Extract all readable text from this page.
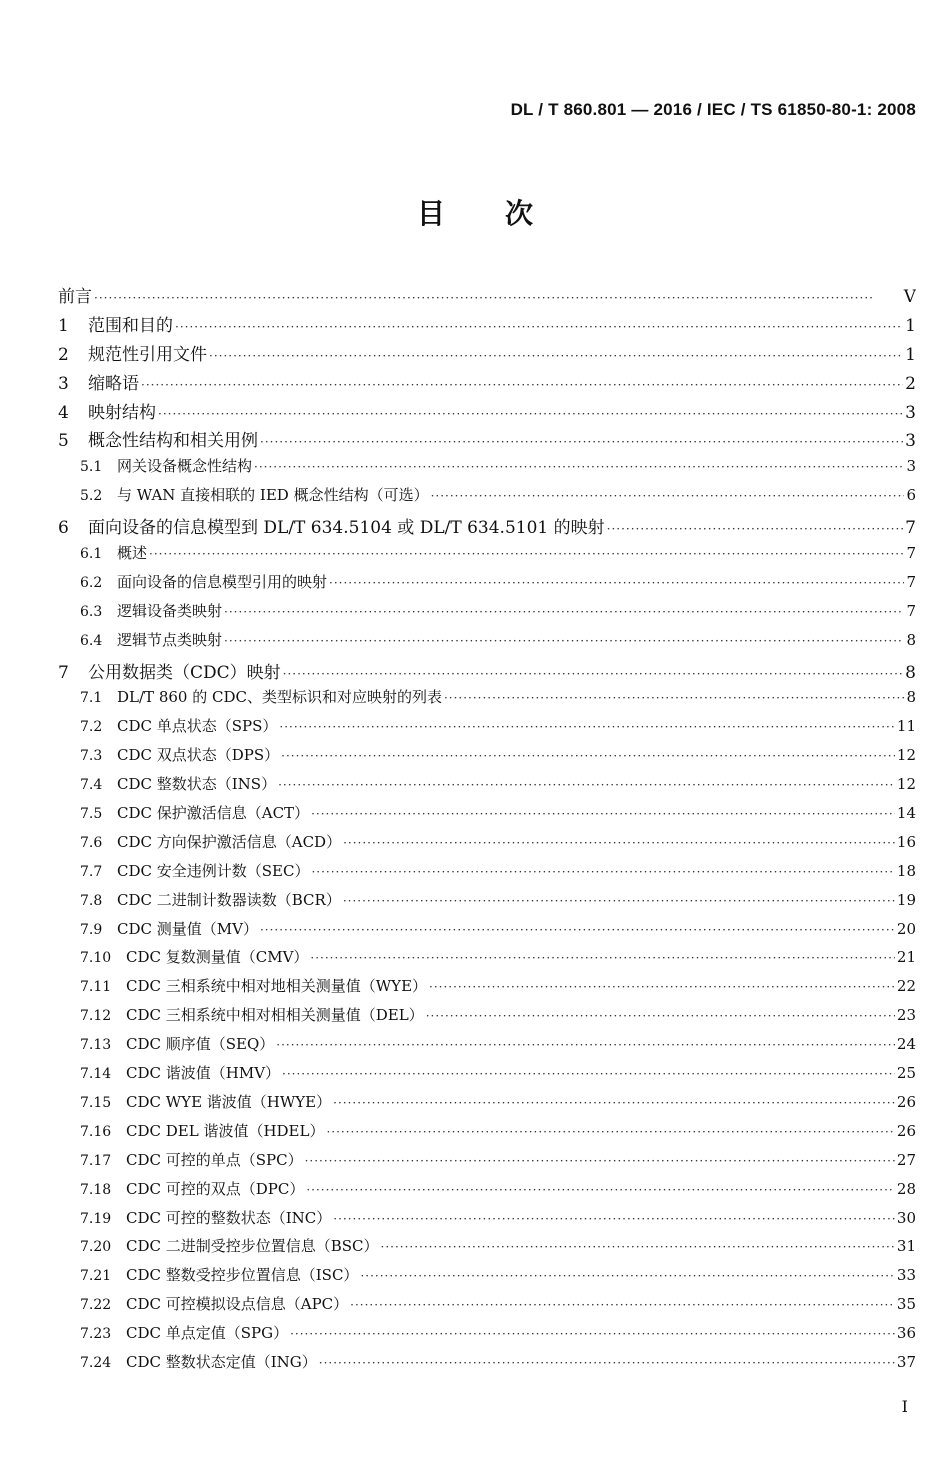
DL / T 860.801 — 2016 / IEC / TS 61850-80-1: 2008
目次
前言 ·····	V
1	范围和目的 ·····	1
2	规范性引用文件 ·····	1
3	缩略语 ·····	2
4	映射结构 ·····	3
5	概念性结构和相关用例 ·····	3
5.1 网关设备概念性结构 ·····	3
5.2 与 WAN 直接相联的 IED 概念性结构（可选） ·····	6
6	面向设备的信息模型到 DL/T 634.5104 或 DL/T 634.5101 的映射 ·····	7
6.1 概述 ·····	7
6.2 面向设备的信息模型引用的映射 ·····	7
6.3 逻辑设备类映射 ·····	7
6.4 逻辑节点类映射 ·····	8
7	公用数据类（CDC）映射 ·····	8
7.1 DL/T 860 的 CDC、类型标识和对应映射的列表 ·····	8
7.2 CDC 单点状态（SPS） ·····	11
7.3 CDC 双点状态（DPS） ·····	12
7.4 CDC 整数状态（INS） ·····	12
7.5 CDC 保护激活信息（ACT） ·····	14
7.6 CDC 方向保护激活信息（ACD） ·····	16
7.7 CDC 安全违例计数（SEC） ·····	18
7.8 CDC 二进制计数器读数（BCR） ·····	19
7.9 CDC 测量值（MV） ·····	20
7.10 CDC 复数测量值（CMV） ·····	21
7.11 CDC 三相系统中相对地相关测量值（WYE） ·····	22
7.12 CDC 三相系统中相对相相关测量值（DEL） ·····	23
7.13 CDC 顺序值（SEQ） ·····	24
7.14 CDC 谐波值（HMV） ·····	25
7.15 CDC WYE 谐波值（HWYE） ·····	26
7.16 CDC DEL 谐波值（HDEL） ·····	26
7.17 CDC 可控的单点（SPC） ·····	27
7.18 CDC 可控的双点（DPC） ·····	28
7.19 CDC 可控的整数状态（INC） ·····	30
7.20 CDC 二进制受控步位置信息（BSC） ·····	31
7.21 CDC 整数受控步位置信息（ISC） ·····	33
7.22 CDC 可控模拟设点信息（APC） ·····	35
7.23 CDC 单点定值（SPG） ·····	36
7.24 CDC 整数状态定值（ING） ·····	37
I
